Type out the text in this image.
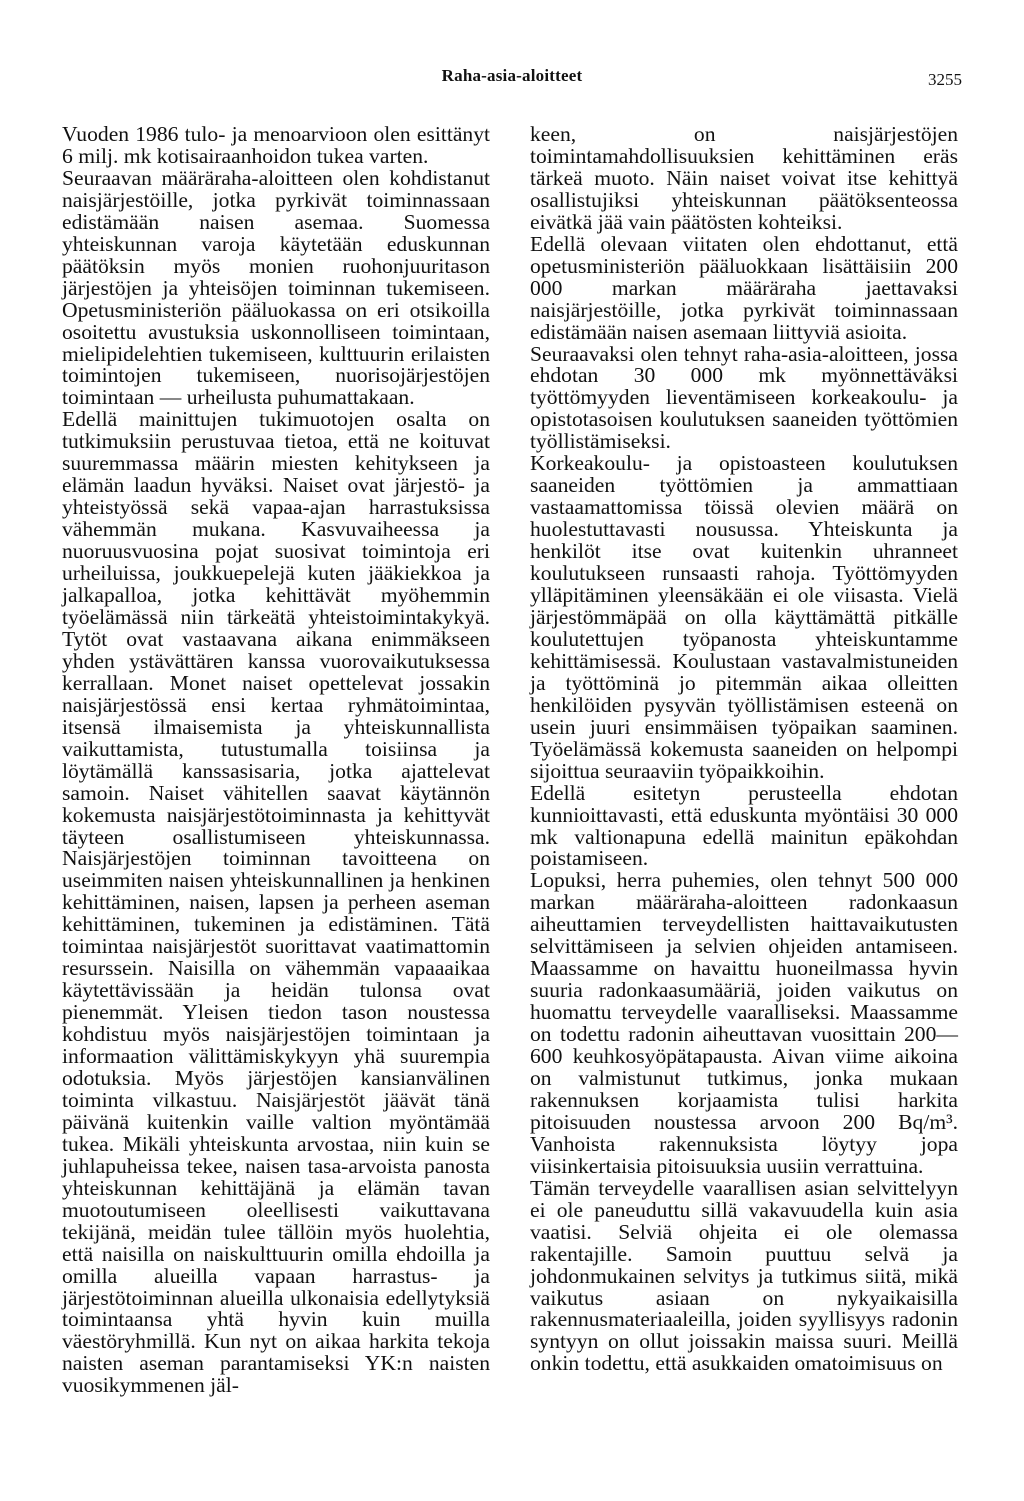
Raha-asia-aloitteet	3255

Vuoden 1986 tulo- ja menoarvioon olen esittänyt 6 milj. mk kotisairaanhoidon tukea varten.

Seuraavan määräraha-aloitteen olen kohdistanut naisjärjestöille, jotka pyrkivät toiminnassaan edistämään naisen asemaa. Suomessa yhteiskunnan varoja käytetään eduskunnan päätöksin myös monien ruohonjuuritason järjestöjen ja yhteisöjen toiminnan tukemiseen. Opetusministeriön pääluokassa on eri otsikoilla osoitettu avustuksia uskonnolliseen toimintaan, mielipidelehtien tukemiseen, kulttuurin erilaisten toimintojen tukemiseen, nuorisojärjestöjen toimintaan — urheilusta puhumattakaan.

Edellä mainittujen tukimuotojen osalta on tutkimuksiin perustuvaa tietoa, että ne koituvat suuremmassa määrin miesten kehitykseen ja elämän laadun hyväksi. Naiset ovat järjestö- ja yhteistyössä sekä vapaa-ajan harrastuksissa vähemmän mukana. Kasvuvaiheessa ja nuoruusvuosina pojat suosivat toimintoja eri urheiluissa, joukkuepelejä kuten jääkiekkoa ja jalkapalloa, jotka kehittävät myöhemmin työelämässä niin tärkeätä yhteistoimintakykyä. Tytöt ovat vastaavana aikana enimmäkseen yhden ystävättären kanssa vuorovaikutuksessa kerrallaan. Monet naiset opettelevat jossakin naisjärjestössä ensi kertaa ryhmätoimintaa, itsensä ilmaisemista ja yhteiskunnallista vaikuttamista, tutustumalla toisiinsa ja löytämällä kanssasisaria, jotka ajattelevat samoin. Naiset vähitellen saavat käytännön kokemusta naisjärjestötoiminnasta ja kehittyvät täyteen osallistumiseen yhteiskunnassa. Naisjärjestöjen toiminnan tavoitteena on useimmiten naisen yhteiskunnallinen ja henkinen kehittäminen, naisen, lapsen ja perheen aseman kehittäminen, tukeminen ja edistäminen. Tätä toimintaa naisjärjestöt suorittavat vaatimattomin resurssein. Naisilla on vähemmän vapaaaikaa käytettävissään ja heidän tulonsa ovat pienemmät. Yleisen tiedon tason noustessa kohdistuu myös naisjärjestöjen toimintaan ja informaation välittämiskykyyn yhä suurempia odotuksia. Myös järjestöjen kansianvälinen toiminta vilkastuu. Naisjärjestöt jäävät tänä päivänä kuitenkin vaille valtion myöntämää tukea. Mikäli yhteiskunta arvostaa, niin kuin se juhlapuheissa tekee, naisen tasa-arvoista panosta yhteiskunnan kehittäjänä ja elämän tavan muotoutumiseen oleellisesti vaikuttavana tekijänä, meidän tulee tällöin myös huolehtia, että naisilla on naiskulttuurin omilla ehdoilla ja omilla alueilla vapaan harrastus- ja järjestötoiminnan alueilla ulkonaisia edellytyksiä toimintaansa yhtä hyvin kuin muilla väestöryhmillä. Kun nyt on aikaa harkita tekoja naisten aseman parantamiseksi YK:n naisten vuosikymmenen jäl-

keen, on naisjärjestöjen toimintamahdollisuuksien kehittäminen eräs tärkeä muoto. Näin naiset voivat itse kehittyä osallistujiksi yhteiskunnan päätöksenteossa eivätkä jää vain päätösten kohteiksi.

Edellä olevaan viitaten olen ehdottanut, että opetusministeriön pääluokkaan lisättäisiin 200 000 markan määräraha jaettavaksi naisjärjestöille, jotka pyrkivät toiminnassaan edistämään naisen asemaan liittyviä asioita.

Seuraavaksi olen tehnyt raha-asia-aloitteen, jossa ehdotan 30 000 mk myönnettäväksi työttömyyden lieventämiseen korkeakoulu- ja opistotasoisen koulutuksen saaneiden työttömien työllistämiseksi.

Korkeakoulu- ja opistoasteen koulutuksen saaneiden työttömien ja ammattiaan vastaamattomissa töissä olevien määrä on huolestuttavasti nousussa. Yhteiskunta ja henkilöt itse ovat kuitenkin uhranneet koulutukseen runsaasti rahoja. Työttömyyden ylläpitäminen yleensäkään ei ole viisasta. Vielä järjestömmäpää on olla käyttämättä pitkälle koulutettujen työpanosta yhteiskuntamme kehittämisessä. Koulustaan vastavalmistuneiden ja työttöminä jo pitemmän aikaa olleitten henkilöiden pysyvän työllistämisen esteenä on usein juuri ensimmäisen työpaikan saaminen. Työelämässä kokemusta saaneiden on helpompi sijoittua seuraaviin työpaikkoihin.

Edellä esitetyn perusteella ehdotan kunnioittavasti, että eduskunta myöntäisi 30 000 mk valtionapuna edellä mainitun epäkohdan poistamiseen.

Lopuksi, herra puhemies, olen tehnyt 500 000 markan määräraha-aloitteen radonkaasun aiheuttamien terveydellisten haittavaikutusten selvittämiseen ja selvien ohjeiden antamiseen. Maassamme on havaittu huoneilmassa hyvin suuria radonkaasumääriä, joiden vaikutus on huomattu terveydelle vaaralliseksi. Maassamme on todettu radonin aiheuttavan vuosittain 200—600 keuhkosyöpätapausta. Aivan viime aikoina on valmistunut tutkimus, jonka mukaan rakennuksen korjaamista tulisi harkita pitoisuuden noustessa arvoon 200 Bq/m³. Vanhoista rakennuksista löytyy jopa viisinkertaisia pitoisuuksia uusiin verrattuina.

Tämän terveydelle vaarallisen asian selvittelyyn ei ole paneuduttu sillä vakavuudella kuin asia vaatisi. Selviä ohjeita ei ole olemassa rakentajille. Samoin puuttuu selvä ja johdonmukainen selvitys ja tutkimus siitä, mikä vaikutus asiaan on nykyaikaisilla rakennusmateriaaleilla, joiden syyllisyys radonin syntyyn on ollut joissakin maissa suuri. Meillä onkin todettu, että asukkaiden omatoimisuus on
